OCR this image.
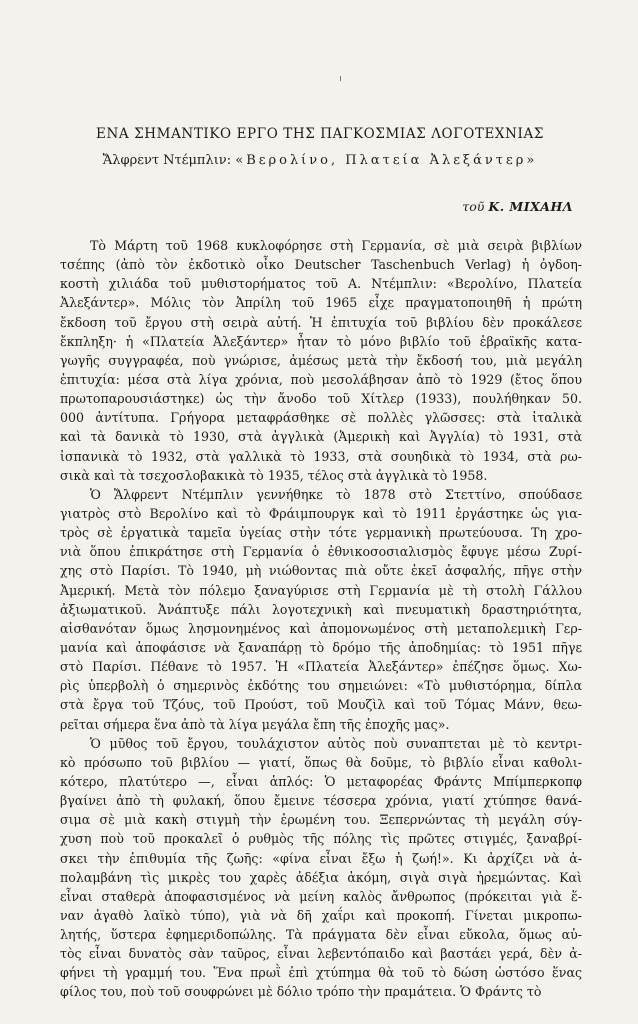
ΕΝΑ ΣΗΜΑΝΤΙΚΟ ΕΡΓΟ ΤΗΣ ΠΑΓΚΟΣΜΙΑΣ ΛΟΓΟΤΕΧΝΙΑΣ

Ἄλφρεντ Ντέμπλιν: «Βερολίνο, Πλατεία Ἀλεξάντερ»

τοῦ Κ. ΜΙΧΑΗΛ
Τὸ Μάρτη τοῦ 1968 κυκλοφόρησε στὴ Γερμανία, σὲ μιὰ σειρὰ βιβλίων
τσέπης (ἀπὸ τὸν ἐκδοτικὸ οἶκο Deutscher Taschenbuch Verlag) ἡ ὀγδοη-
κοστὴ χιλιάδα τοῦ μυθιστορήματος τοῦ Α. Ντέμπλιν: «Βερολίνο, Πλατεία
Ἀλεξάντερ». Μόλις τὸν Ἀπρίλη τοῦ 1965 εἶχε πραγματοποιηθῆ ἡ πρώτη
ἔκδοση τοῦ ἔργου στὴ σειρὰ αὐτή. Ἡ ἐπιτυχία τοῦ βιβλίου δὲν προκάλεσε
ἔκπληξη· ἡ «Πλατεία Ἀλεξάντερ» ἦταν τὸ μόνο βιβλίο τοῦ ἑβραϊκῆς κατα-
γωγῆς συγγραφέα, ποὺ γνώρισε, ἀμέσως μετὰ τὴν ἔκδοσή του, μιὰ μεγάλη
ἐπιτυχία: μέσα στὰ λίγα χρόνια, ποὺ μεσολάβησαν ἀπὸ τὸ 1929 (ἔτος ὅπου
πρωτοπαρουσιάστηκε) ὡς τὴν ἄνοδο τοῦ Χίτλερ (1933), πουλήθηκαν 50.
000 ἀντίτυπα. Γρήγορα μεταφράσθηκε σὲ πολλὲς γλῶσσες: στὰ ἰταλικὰ
καὶ τὰ δανικὰ τὸ 1930, στὰ ἀγγλικὰ (Ἀμερικὴ καὶ Ἀγγλία) τὸ 1931, στὰ
ἰσπανικὰ τὸ 1932, στὰ γαλλικὰ τὸ 1933, στὰ σουηδικὰ τὸ 1934, στὰ ρω-
σικὰ καὶ τὰ τσεχοσλοβακικὰ τὸ 1935, τέλος στὰ ἀγγλικὰ τὸ 1958.
Ὁ Ἄλφρεντ Ντέμπλιν γεννήθηκε τὸ 1878 στὸ Στεττίνο, σπούδασε
γιατρὸς στὸ Βερολίνο καὶ τὸ Φράιμπουργκ καὶ τὸ 1911 ἐργάστηκε ὡς για-
τρὸς σὲ ἐργατικὰ ταμεῖα ὑγείας στὴν τότε γερμανικὴ πρωτεύουσα. Τη χρο-
νιὰ ὅπου ἐπικράτησε στὴ Γερμανία ὁ ἐθνικοσοσιαλισμὸς ἔφυγε μέσω Ζυρί-
χης στὸ Παρίσι. Τὸ 1940, μὴ νιώθοντας πιὰ οὔτε ἐκεῖ ἀσφαλής, πῆγε στὴν
Ἀμερική. Μετὰ τὸν πόλεμο ξαναγύρισε στὴ Γερμανία μὲ τὴ στολὴ Γάλλου
ἀξιωματικοῦ. Ἀνάπτυξε πάλι λογοτεχνικὴ καὶ πνευματικὴ δραστηριότητα,
αἰσθανόταν ὅμως λησμονημένος καὶ ἀπομονωμένος στὴ μεταπολεμικὴ Γερ-
μανία καὶ ἀποφάσισε νὰ ξαναπάρῃ τὸ δρόμο τῆς ἀποδημίας: τὸ 1951 πῆγε
στὸ Παρίσι. Πέθανε τὸ 1957. Ἡ «Πλατεία Ἀλεξάντερ» ἐπέζησε ὅμως. Χω-
ρὶς ὑπερβολὴ ὁ σημερινὸς ἐκδότης του σημειώνει: «Τὸ μυθιστόρημα, δίπλα
στὰ ἔργα τοῦ Τζόυς, τοῦ Προύστ, τοῦ Μουζὶλ καὶ τοῦ Τόμας Μάνν, θεω-
ρεῖται σήμερα ἕνα ἀπὸ τὰ λίγα μεγάλα ἔπη τῆς ἐποχῆς μας».
Ὁ μῦθος τοῦ ἔργου, τουλάχιστον αὐτὸς ποὺ συναπτεται μὲ τὸ κεντρι-
κὸ πρόσωπο τοῦ βιβλίου — γιατί, ὅπως θὰ δοῦμε, τὸ βιβλίο εἶναι καθολι-
κότερο, πλατύτερο —, εἶναι ἁπλός: Ὁ μεταφορέας Φράντς Μπίμπερκοπφ
βγαίνει ἀπὸ τὴ φυλακή, ὅπου ἔμεινε τέσσερα χρόνια, γιατί χτύπησε θανά-
σιμα σὲ μιὰ κακὴ στιγμὴ τὴν ἐρωμένη του. Ξεπερνώντας τὴ μεγάλη σύγ-
χυση ποὺ τοῦ προκαλεῖ ὁ ρυθμὸς τῆς πόλης τὶς πρῶτες στιγμές, ξαναβρί-
σκει τὴν ἐπιθυμία τῆς ζωῆς: «φίνα εἶναι ἔξω ἡ ζωή!». Κι ἀρχίζει νὰ ἀ-
πολαμβάνη τὶς μικρὲς του χαρὲς ἀδέξια ἀκόμη, σιγὰ σιγὰ ἠρεμώντας. Καὶ
εἶναι σταθερὰ ἀποφασισμένος νὰ μείνη καλὸς ἄνθρωπος (πρόκειται γιὰ ἕ-
ναν ἀγαθὸ λαϊκὸ τύπο), γιὰ νὰ δῆ χαΐρι καὶ προκοπή. Γίνεται μικροπω-
λητής, ὕστερα ἐφημεριδοπώλης. Τὰ πράγματα δὲν εἶναι εὔκολα, ὅμως αὐ-
τὸς εἶναι δυνατὸς σὰν ταῦρος, εἶναι λεβεντόπαιδο καὶ βαστάει γερά, δὲν ἀ-
φήνει τὴ γραμμή του. Ἕνα πρωῒ ἐπὶ χτύπημα θὰ τοῦ τὸ δώση ὡστόσο ἕνας
φίλος του, ποὺ τοῦ σουφρώνει μὲ δόλιο τρόπο τὴν πραμάτεια. Ὁ Φράντς τὸ
